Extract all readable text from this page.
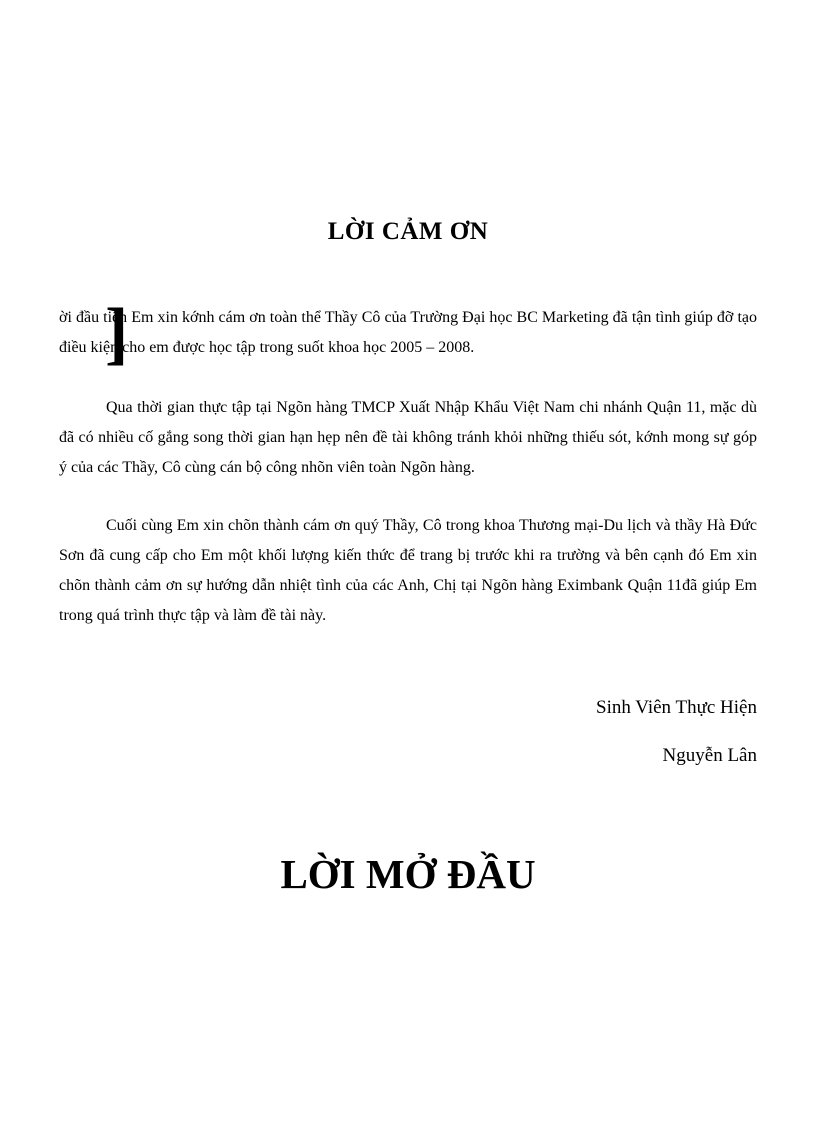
LỜI CẢM ƠN

ời đầu tiên Em xin kớnh cám ơn toàn thể Thầy Cô của Trường Đại học BC Marketing đã tận tình giúp đỡ tạo điều kiện cho em được học tập trong suốt khoa học 2005 – 2008.

]

Qua thời gian thực tập tại Ngõn hàng TMCP Xuất Nhập Khẩu Việt Nam chi nhánh Quận 11, mặc dù đã có nhiều cố gắng song thời gian hạn hẹp nên đề tài không tránh khỏi những thiếu sót, kớnh mong sự góp ý của các Thầy, Cô cùng cán bộ công nhõn viên toàn Ngõn hàng.

Cuối cùng Em xin chõn thành cám ơn quý Thầy, Cô trong khoa Thương mại-Du lịch và thầy Hà Đức Sơn đã cung cấp cho Em một khối lượng kiến thức để trang bị trước khi ra trường và bên cạnh đó Em xin chõn thành cảm ơn sự hướng dẫn nhiệt tình của các Anh, Chị tại Ngõn hàng Eximbank Quận 11đã giúp Em trong quá trình thực tập và làm đề tài này.

Sinh Viên Thực Hiện

Nguyễn Lân

LỜI MỞ ĐẦU
